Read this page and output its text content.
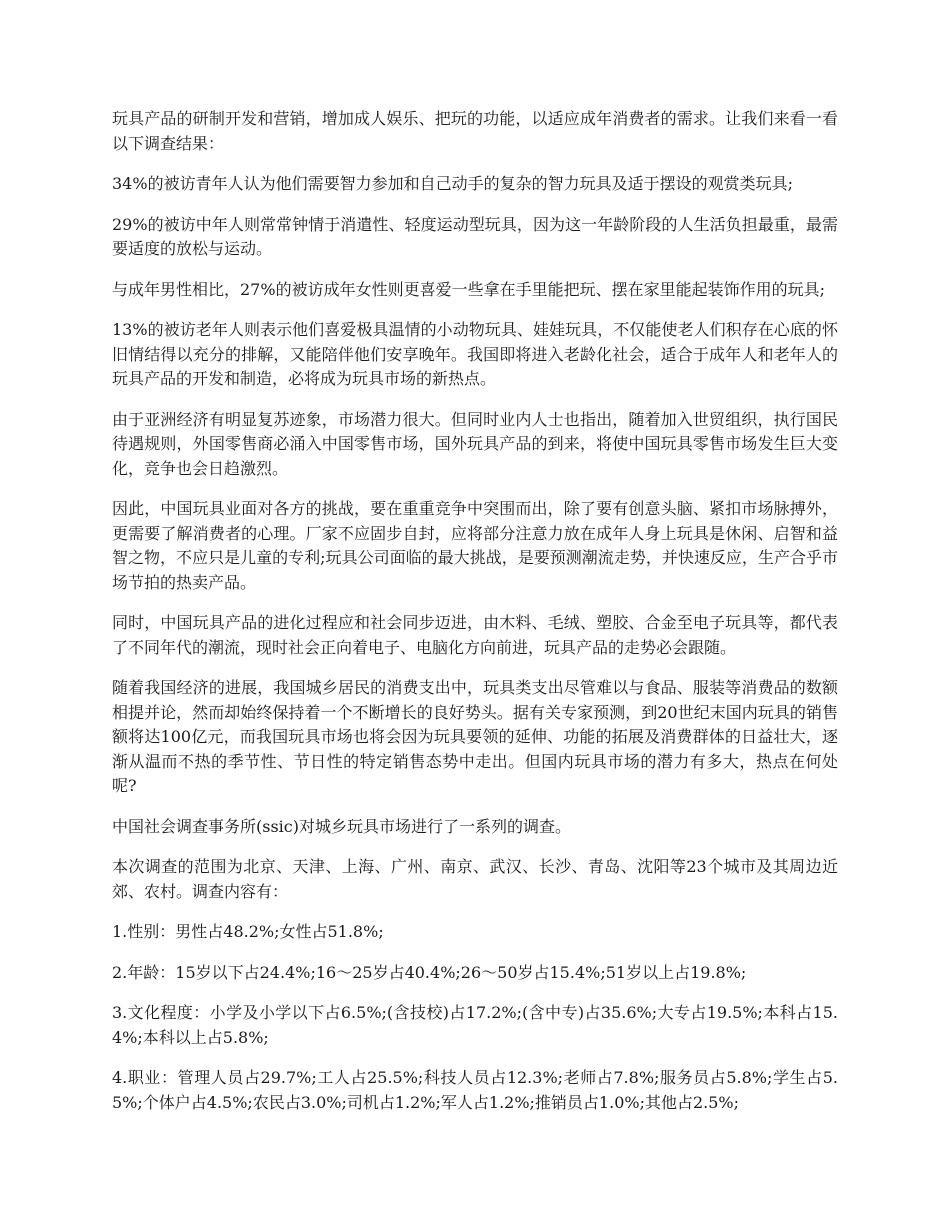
玩具产品的研制开发和营销，增加成人娱乐、把玩的功能，以适应成年消费者的需求。让我们来看一看以下调查结果：

34%的被访青年人认为他们需要智力参加和自己动手的复杂的智力玩具及适于摆设的观赏类玩具;

29%的被访中年人则常常钟情于消遣性、轻度运动型玩具，因为这一年龄阶段的人生活负担最重，最需要适度的放松与运动。

与成年男性相比，27%的被访成年女性则更喜爱一些拿在手里能把玩、摆在家里能起装饰作用的玩具;

13%的被访老年人则表示他们喜爱极具温情的小动物玩具、娃娃玩具，不仅能使老人们积存在心底的怀旧情结得以充分的排解，又能陪伴他们安享晚年。我国即将进入老龄化社会，适合于成年人和老年人的玩具产品的开发和制造，必将成为玩具市场的新热点。

由于亚洲经济有明显复苏迹象，市场潜力很大。但同时业内人士也指出，随着加入世贸组织，执行国民待遇规则，外国零售商必涌入中国零售市场，国外玩具产品的到来，将使中国玩具零售市场发生巨大变化，竞争也会日趋激烈。

因此，中国玩具业面对各方的挑战，要在重重竞争中突围而出，除了要有创意头脑、紧扣市场脉搏外，更需要了解消费者的心理。厂家不应固步自封，应将部分注意力放在成年人身上玩具是休闲、启智和益智之物，不应只是儿童的专利;玩具公司面临的最大挑战，是要预测潮流走势，并快速反应，生产合乎市场节拍的热卖产品。

同时，中国玩具产品的进化过程应和社会同步迈进，由木料、毛绒、塑胶、合金至电子玩具等，都代表了不同年代的潮流，现时社会正向着电子、电脑化方向前进，玩具产品的走势必会跟随。

随着我国经济的进展，我国城乡居民的消费支出中，玩具类支出尽管难以与食品、服装等消费品的数额相提并论，然而却始终保持着一个不断增长的良好势头。据有关专家预测，到20世纪末国内玩具的销售额将达100亿元，而我国玩具市场也将会因为玩具要领的延伸、功能的拓展及消费群体的日益壮大，逐渐从温而不热的季节性、节日性的特定销售态势中走出。但国内玩具市场的潜力有多大，热点在何处呢?

中国社会调查事务所(ssic)对城乡玩具市场进行了一系列的调查。

本次调查的范围为北京、天津、上海、广州、南京、武汉、长沙、青岛、沈阳等23个城市及其周边近郊、农村。调查内容有：

1.性别：男性占48.2%;女性占51.8%;

2.年龄：15岁以下占24.4%;16～25岁占40.4%;26～50岁占15.4%;51岁以上占19.8%;

3.文化程度：小学及小学以下占6.5%;(含技校)占17.2%;(含中专)占35.6%;大专占19.5%;本科占15.4%;本科以上占5.8%;

4.职业：管理人员占29.7%;工人占25.5%;科技人员占12.3%;老师占7.8%;服务员占5.8%;学生占5.5%;个体户占4.5%;农民占3.0%;司机占1.2%;军人占1.2%;推销员占1.0%;其他占2.5%;
